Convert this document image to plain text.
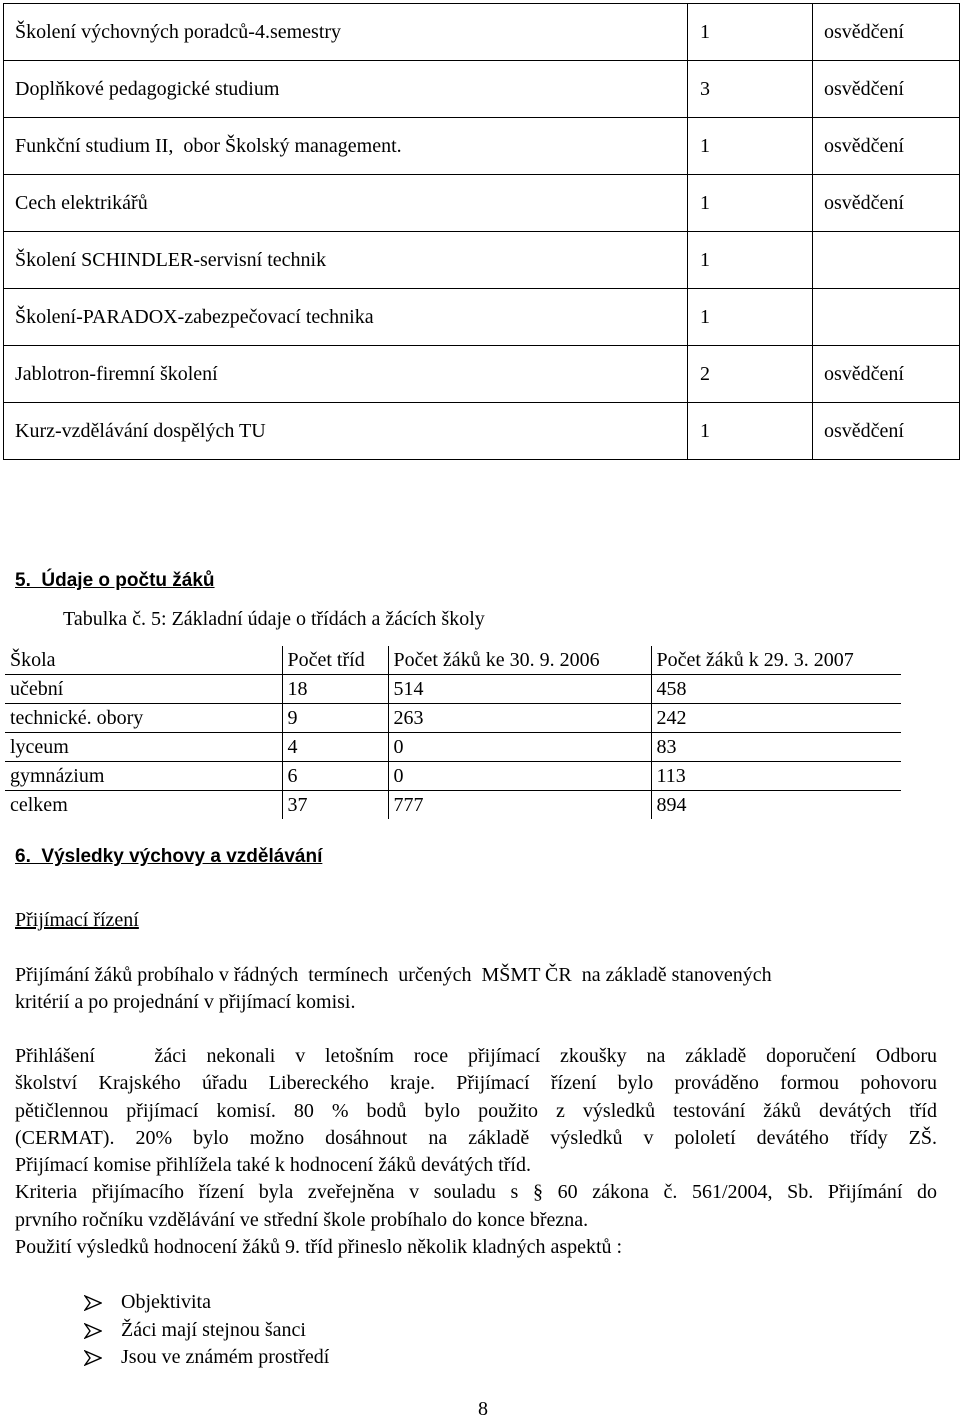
Školení výchovných poradců-4.semestry	1	osvědčení
Doplňkové pedagogické studium	3	osvědčení
Funkční studium II,  obor Školský management.	1	osvědčení
Cech elektrikářů	1	osvědčení
Školení SCHINDLER-servisní technik	1	
Školení-PARADOX-zabezpečovací technika	1	
Jablotron-firemní školení	2	osvědčení
Kurz-vzdělávání dospělých TU	1	osvědčení
5.  Údaje o počtu žáků
Tabulka č. 5: Základní údaje o třídách a žácích školy
Škola	Počet tříd	Počet žáků ke 30. 9. 2006	Počet žáků k 29. 3. 2007
učební	18	514	458
technické. obory	9	263	242
lyceum	4	0	83
gymnázium	6	0	113
celkem	37	777	894
6.  Výsledky výchovy a vzdělávání
Přijímací řízení
Přijímání žáků probíhalo v řádných  termínech  určených  MŠMT ČR  na základě stanovených
kritérií a po projednání v přijímací komisi.
Přihlášení   žáci nekonali v letošním roce přijímací zkoušky na základě doporučení Odboru
školství Krajského úřadu Libereckého kraje. Přijímací řízení bylo prováděno formou pohovoru
pětičlennou přijímací komisí. 80 % bodů bylo použito z výsledků testování žáků devátých tříd
(CERMAT). 20% bylo možno dosáhnout na základě výsledků v pololetí devátého třídy ZŠ.
Přijímací komise přihlížela také k hodnocení žáků devátých tříd.
Kriteria přijímacího řízení byla zveřejněna v souladu s § 60 zákona č. 561/2004, Sb. Přijímání do
prvního ročníku vzdělávání ve střední škole probíhalo do konce března.
Použití výsledků hodnocení žáků 9. tříd přineslo několik kladných aspektů :
Objektivita
Žáci mají stejnou šanci
Jsou ve známém prostředí
8
